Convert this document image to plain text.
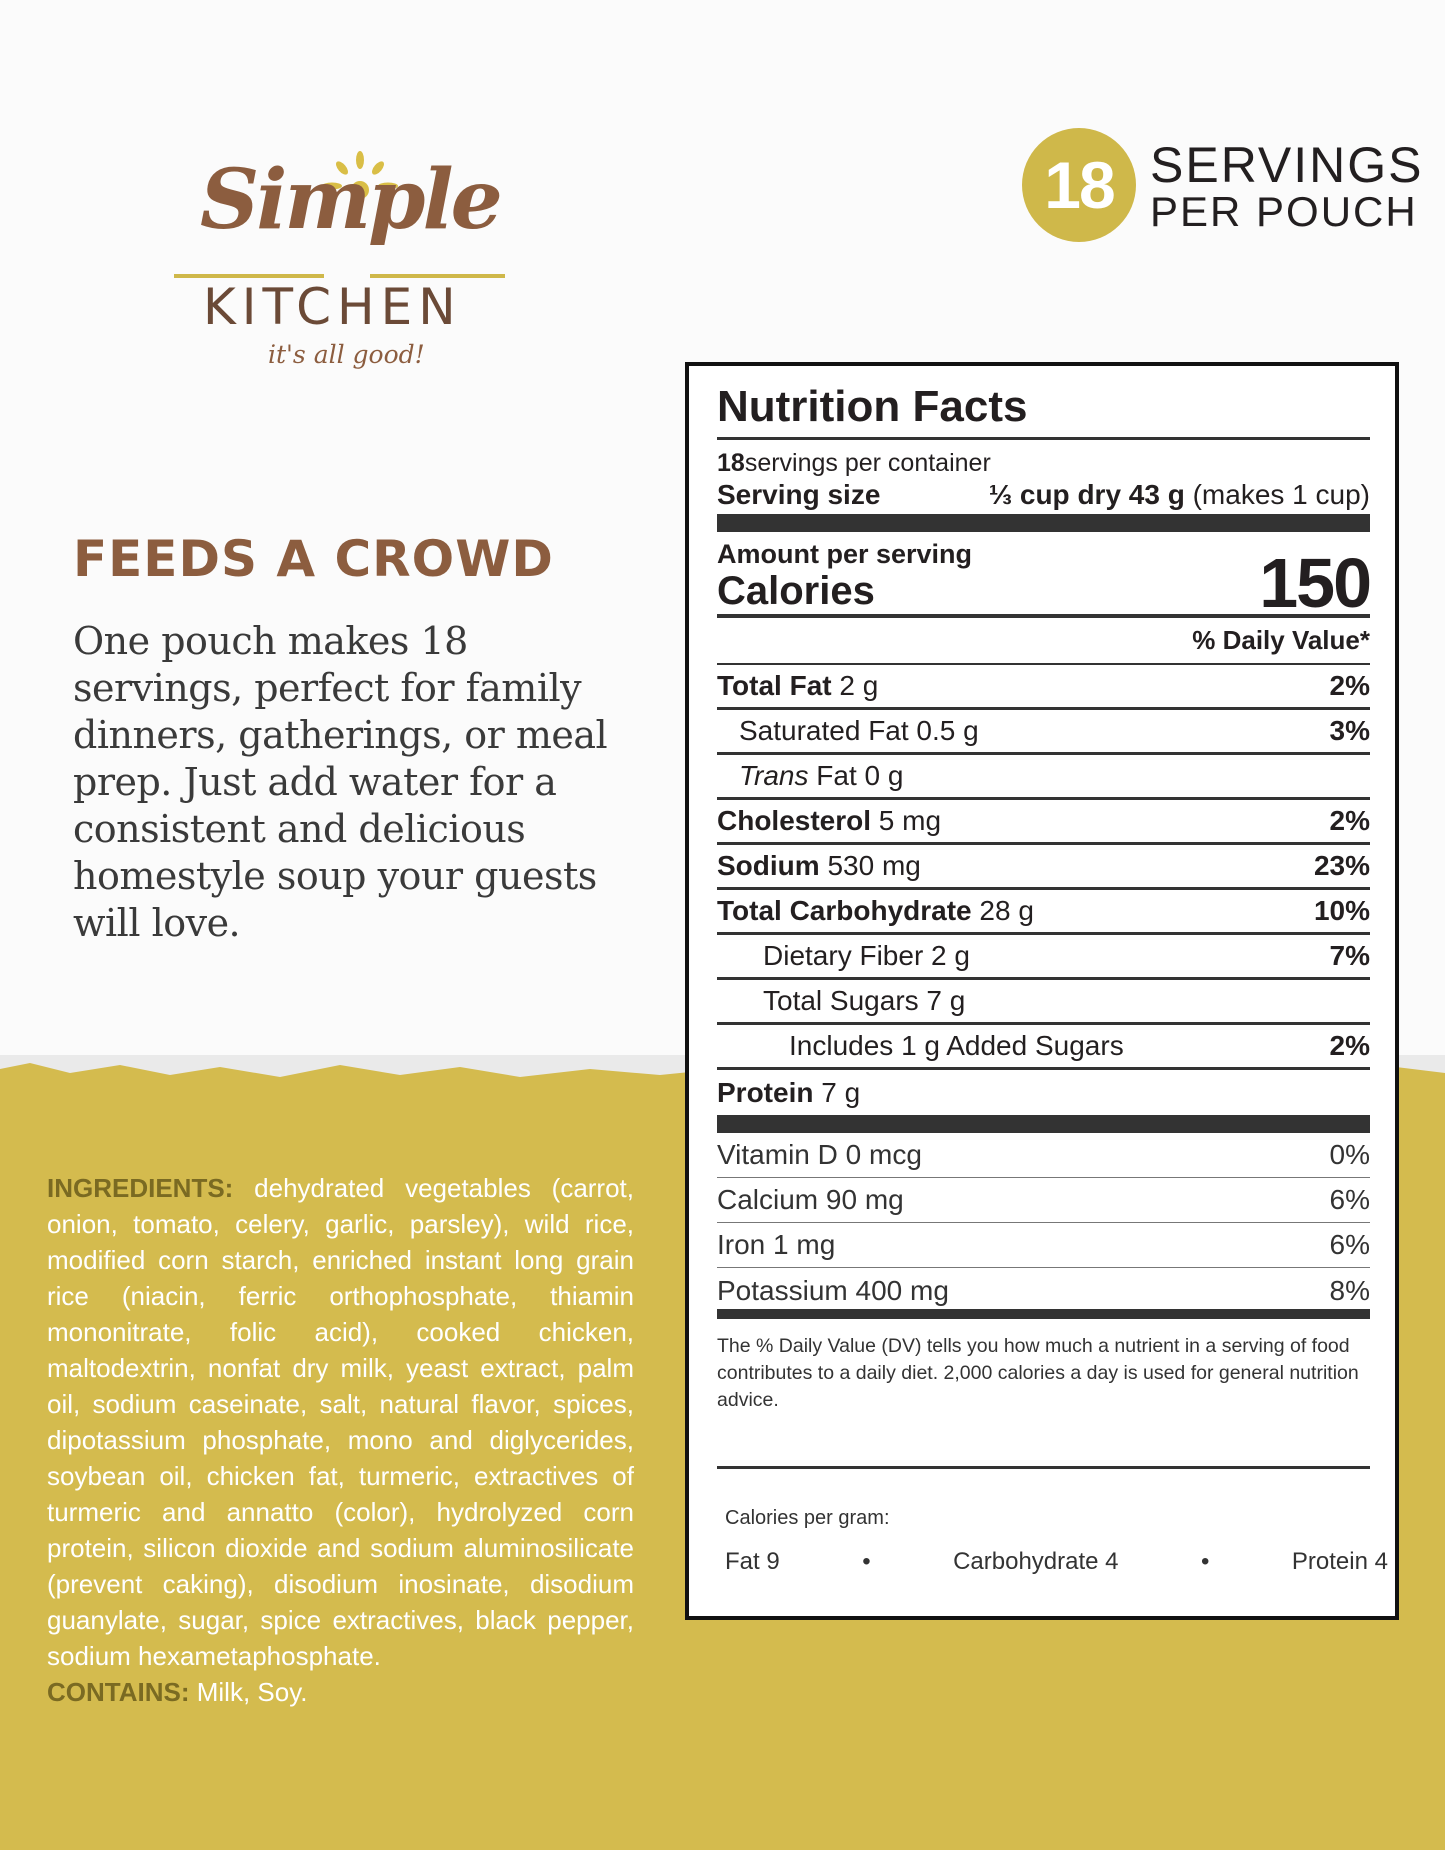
Simple
KITCHEN
it's all good!
18 SERVINGS
PER POUCH
FEEDS A CROWD
One pouch makes 18 servings, perfect for family dinners, gatherings, or meal prep. Just add water for a consistent and delicious homestyle soup your guests will love.
INGREDIENTS: dehydrated vegetables (carrot, onion, tomato, celery, garlic, parsley), wild rice, modified corn starch, enriched instant long grain rice (niacin, ferric orthophosphate, thiamin mononitrate, folic acid), cooked chicken, maltodextrin, nonfat dry milk, yeast extract, palm oil, sodium caseinate, salt, natural flavor, spices, dipotassium phosphate, mono and diglycerides, soybean oil, chicken fat, turmeric, extractives of turmeric and annatto (color), hydrolyzed corn protein, silicon dioxide and sodium aluminosilicate (prevent caking), disodium inosinate, disodium guanylate, sugar, spice extractives, black pepper, sodium hexametaphosphate.
CONTAINS: Milk, Soy.
Nutrition Facts
18 servings per container
Serving size	⅓ cup dry 43 g (makes 1 cup)
Amount per serving
Calories	150
% Daily Value*
Total Fat 2 g	2%
Saturated Fat 0.5 g	3%
Trans Fat 0 g
Cholesterol 5 mg	2%
Sodium 530 mg	23%
Total Carbohydrate 28 g	10%
Dietary Fiber 2 g	7%
Total Sugars 7 g
Includes 1 g Added Sugars	2%
Protein 7 g
Vitamin D 0 mcg	0%
Calcium 90 mg	6%
Iron 1 mg	6%
Potassium 400 mg	8%
The % Daily Value (DV) tells you how much a nutrient in a serving of food contributes to a daily diet. 2,000 calories a day is used for general nutrition advice.
Calories per gram:
Fat 9	•	Carbohydrate 4	•	Protein 4
